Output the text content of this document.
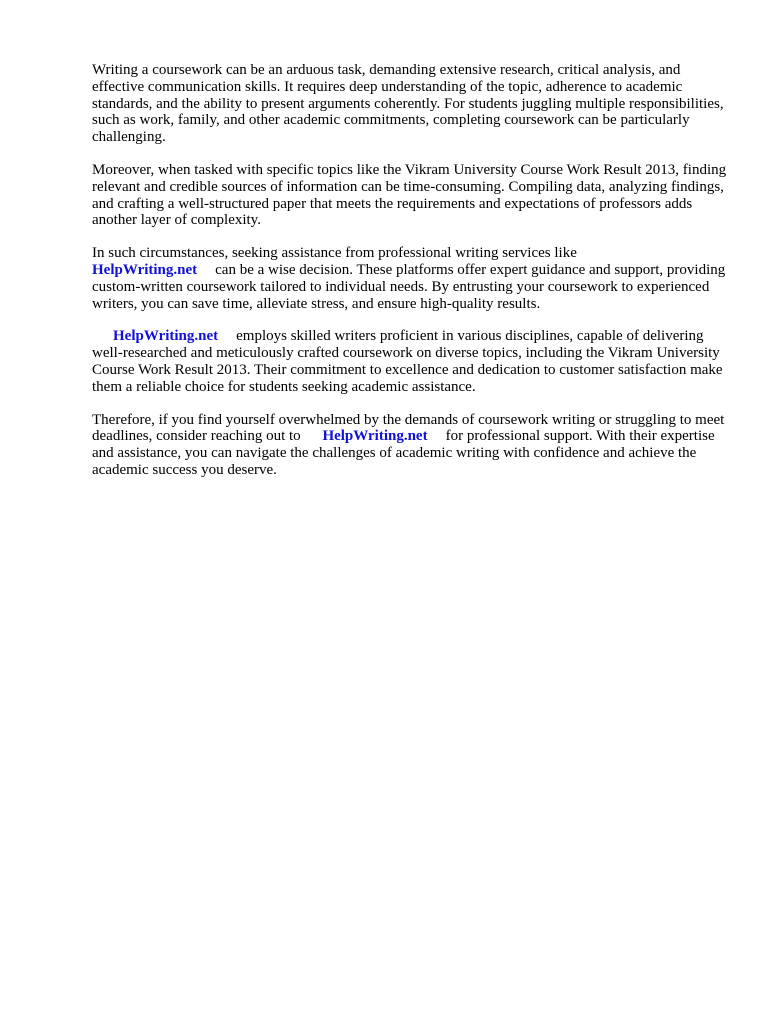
Writing a coursework can be an arduous task, demanding extensive research, critical analysis, and effective communication skills. It requires deep understanding of the topic, adherence to academic standards, and the ability to present arguments coherently. For students juggling multiple responsibilities, such as work, family, and other academic commitments, completing coursework can be particularly challenging.

Moreover, when tasked with specific topics like the Vikram University Course Work Result 2013, finding relevant and credible sources of information can be time-consuming. Compiling data, analyzing findings, and crafting a well-structured paper that meets the requirements and expectations of professors adds another layer of complexity.

In such circumstances, seeking assistance from professional writing services like
HelpWriting.net can be a wise decision. These platforms offer expert guidance and support, providing custom-written coursework tailored to individual needs. By entrusting your coursework to experienced writers, you can save time, alleviate stress, and ensure high-quality results.

HelpWriting.net employs skilled writers proficient in various disciplines, capable of delivering well-researched and meticulously crafted coursework on diverse topics, including the Vikram University Course Work Result 2013. Their commitment to excellence and dedication to customer satisfaction make them a reliable choice for students seeking academic assistance.

Therefore, if you find yourself overwhelmed by the demands of coursework writing or struggling to meet deadlines, consider reaching out to HelpWriting.net for professional support. With their expertise and assistance, you can navigate the challenges of academic writing with confidence and achieve the academic success you deserve.
